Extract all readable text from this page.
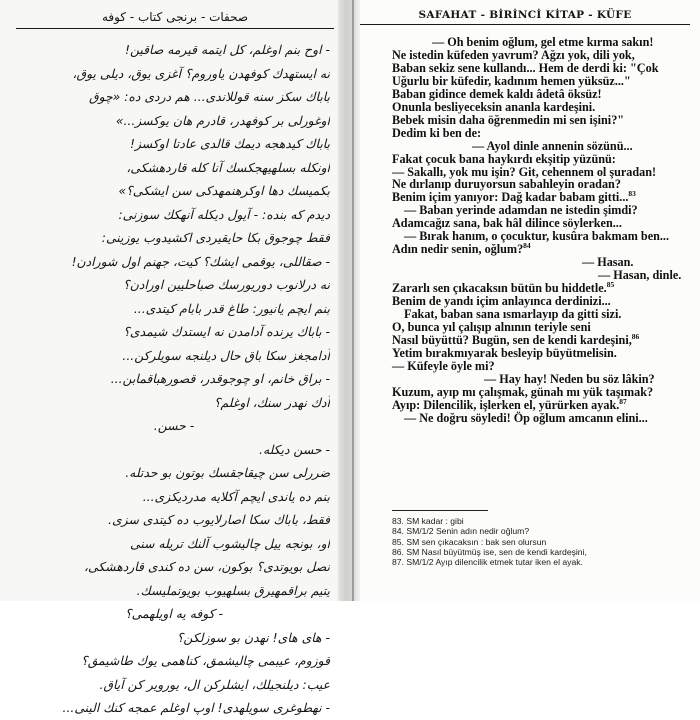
صحفات - برنجی کتاب - کوفه
- اوح بنم اوغلم، کل ایتمه قیرمه صاقین!
نه ایستهدك کوفهدن یاوروم؟ آغزی یوق، دیلی یوق،
باباك سکز سنه قوللاندی... هم دردی ده: «چوق
اوغورلی بر کوفهدر، قادرم هان یوکسز...»
باباك کیدهجه دیمك قالدی عادتا اوکسز!
اونکله بسلهیهجکسك آنا کله قاردهشکی،
بکمیسك دها اوکرهنمهدکی سن ایشکی؟»
دیدم که بنده: - آیول دیکله آنهکك سوزنی:
فقط چوجوق بکا حایقیردی اکشیدوب یوزینی:
- صقاللی، یوقمی ایشك؟ کیت، جهنم اول شورادن!
نه درلانوب دوریورسك صباحلیین اورادن؟
بنم ایچم یانیور: طاغ قدر بابام کیتدی...
- باباك یرنده آدامدن نه ایستدك شیمدی؟
آدامجغز سکا باق حال دیلنجه سویلرکن...
- براق خانم، او چوجوقدر، قصورهباقمابن...
آدك نهدر سنك، اوغلم؟
- حسن.
- حسن دیکله.
ضررلی سن چیقاجقسك بوتون بو حدتله.
بنم ده یاندی ایچم آکلایه مدردیکزی...
فقط، باباك سکا اصارلایوب ده کیتدی سزی.
او، بونجه ییل چالیشوب آلنك تریله سنی
نصل بویوتدی؟ بوکون، سن ده کندی قاردهشکی،
یتیم براقمهیرق بسلهیوب بویوتملیسك.
- کوفه یه اویلهمی؟
- های های! نهدن بو سوزلکن؟
قوزوم، عیبمی چالیشمق، کناهمی یوك طاشیمق؟
عیب: دیلنجیلك، ایشلرکن ال، یورویر کن آیاق.
- نهطوغری سویلهدی! اوپ اوغلم عمجه کنك الینی...
SAFAHAT - BİRİNCİ KİTAP - KÜFE
— Oh benim oğlum, gel etme kırma sakın!
Ne istedin küfeden yavrum? Ağzı yok, dili yok,
Baban sekiz sene kullandı... Hem de derdi ki: "Çok
Uğurlu bir küfedir, kadınım hemen yüksüz..."
Baban gidince demek kaldı âdetâ öksüz!
Onunla besliyeceksin ananla kardeşini.
Bebek misin daha öğrenmedin mi sen işini?"
Dedim ki ben de:
— Ayol dinle annenin sözünü...
Fakat çocuk bana haykırdı ekşitip yüzünü:
— Sakallı, yok mu işin? Git, cehennem ol şuradan!
Ne dırlanıp duruyorsun sabahleyin oradan?
Benim içim yanıyor: Dağ kadar babam gitti...$^{83}$
— Baban yerinde adamdan ne istedin şimdi?
Adamcağız sana, bak hâl dilince söylerken...
— Bırak hanım, o çocuktur, kusûra bakmam ben...
Adın nedir senin, oğlum?$^{84}$
— Hasan.
— Hasan, dinle.
Zararlı sen çıkacaksın bütün bu hiddetle.$^{85}$
Benim de yandı içim anlayınca derdinizi...
Fakat, baban sana ısmarlayıp da gitti sizi.
O, bunca yıl çalışıp alnının teriyle seni
Nasıl büyüttü? Bugün, sen de kendi kardeşini,$^{86}$
Yetim bırakmıyarak besleyip büyütmelisin.
— Küfeyle öyle mi?
— Hay hay! Neden bu söz lâkin?
Kuzum, ayıp mı çalışmak, günah mı yük taşımak?
Ayıp: Dilencilik, işlerken el, yürürken ayak.$^{87}$
— Ne doğru söyledi! Öp oğlum amcanın elini...
83. SM kadar : gibi
84. SM/1/2 Senin adın nedir oğlum?
85. SM sen çıkacaksın : bak sen olursun
86. SM Nasıl büyütmüş ise, sen de kendi kardeşini,
87. SM/1/2 Ayıp dilencilik etmek tutar iken el ayak.
